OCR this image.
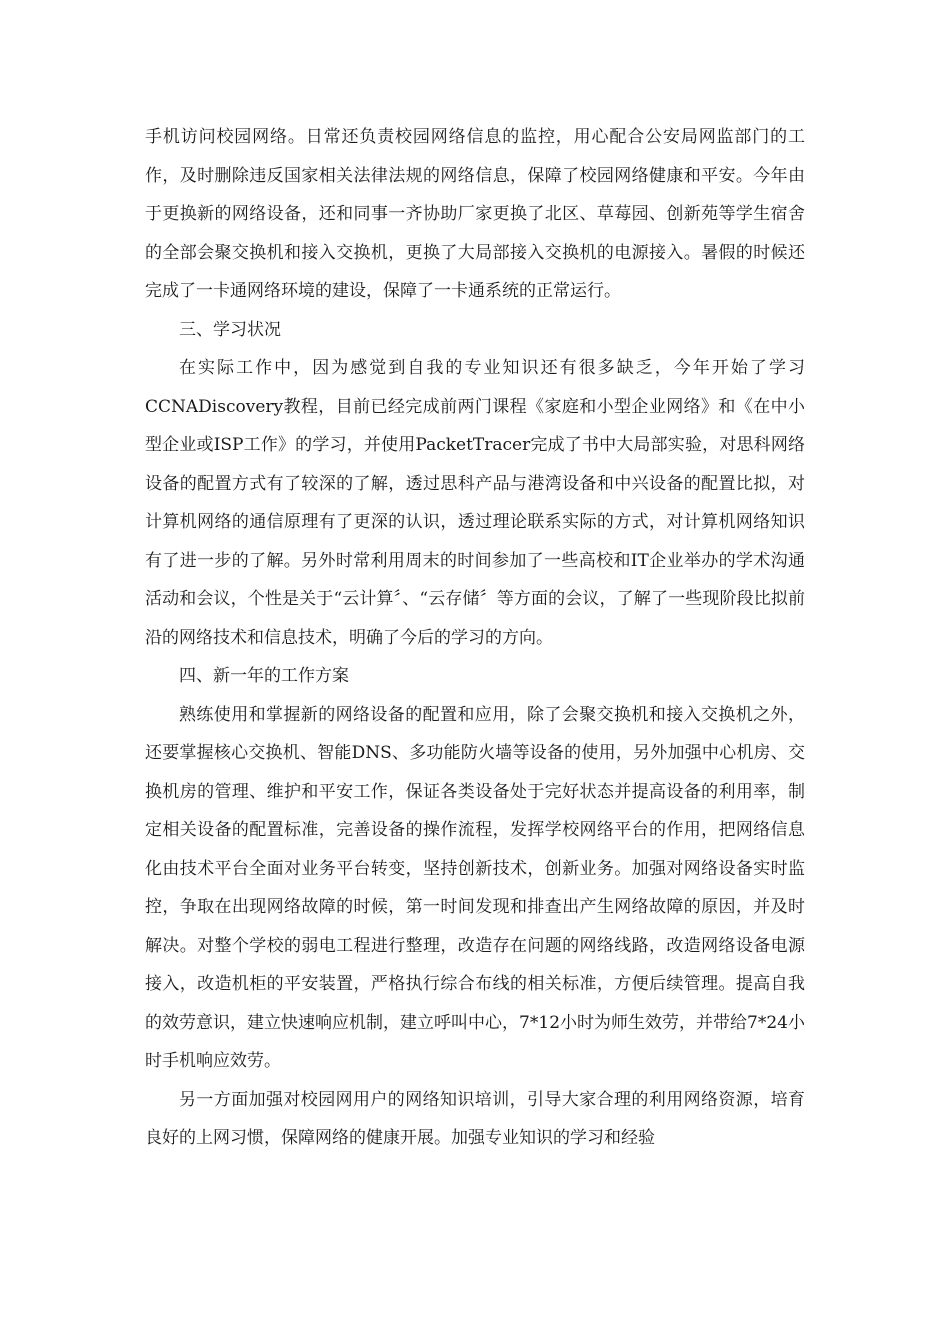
手机访问校园网络。日常还负责校园网络信息的监控，用心配合公安局网监部门的工作，及时删除违反国家相关法律法规的网络信息，保障了校园网络健康和平安。今年由于更换新的网络设备，还和同事一齐协助厂家更换了北区、草莓园、创新苑等学生宿舍的全部会聚交换机和接入交换机，更换了大局部接入交换机的电源接入。暑假的时候还完成了一卡通网络环境的建设，保障了一卡通系统的正常运行。

三、学习状况

在实际工作中，因为感觉到自我的专业知识还有很多缺乏，今年开始了学习CCNADiscovery教程，目前已经完成前两门课程《家庭和小型企业网络》和《在中小型企业或ISP工作》的学习，并使用PacketTracer完成了书中大局部实验，对思科网络设备的配置方式有了较深的了解，透过思科产品与港湾设备和中兴设备的配置比拟，对计算机网络的通信原理有了更深的认识，透过理论联系实际的方式，对计算机网络知识有了进一步的了解。另外时常利用周末的时间参加了一些高校和IT企业举办的学术沟通活动和会议，个性是关于“云计算〞、“云存储〞等方面的会议，了解了一些现阶段比拟前沿的网络技术和信息技术，明确了今后的学习的方向。

四、新一年的工作方案

熟练使用和掌握新的网络设备的配置和应用，除了会聚交换机和接入交换机之外，还要掌握核心交换机、智能DNS、多功能防火墙等设备的使用，另外加强中心机房、交换机房的管理、维护和平安工作，保证各类设备处于完好状态并提高设备的利用率，制定相关设备的配置标准，完善设备的操作流程，发挥学校网络平台的作用，把网络信息化由技术平台全面对业务平台转变，坚持创新技术，创新业务。加强对网络设备实时监控，争取在出现网络故障的时候，第一时间发现和排查出产生网络故障的原因，并及时解决。对整个学校的弱电工程进行整理，改造存在问题的网络线路，改造网络设备电源接入，改造机柜的平安装置，严格执行综合布线的相关标准，方便后续管理。提高自我的效劳意识，建立快速响应机制，建立呼叫中心，7*12小时为师生效劳，并带给7*24小时手机响应效劳。

另一方面加强对校园网用户的网络知识培训，引导大家合理的利用网络资源，培育良好的上网习惯，保障网络的健康开展。加强专业知识的学习和经验
